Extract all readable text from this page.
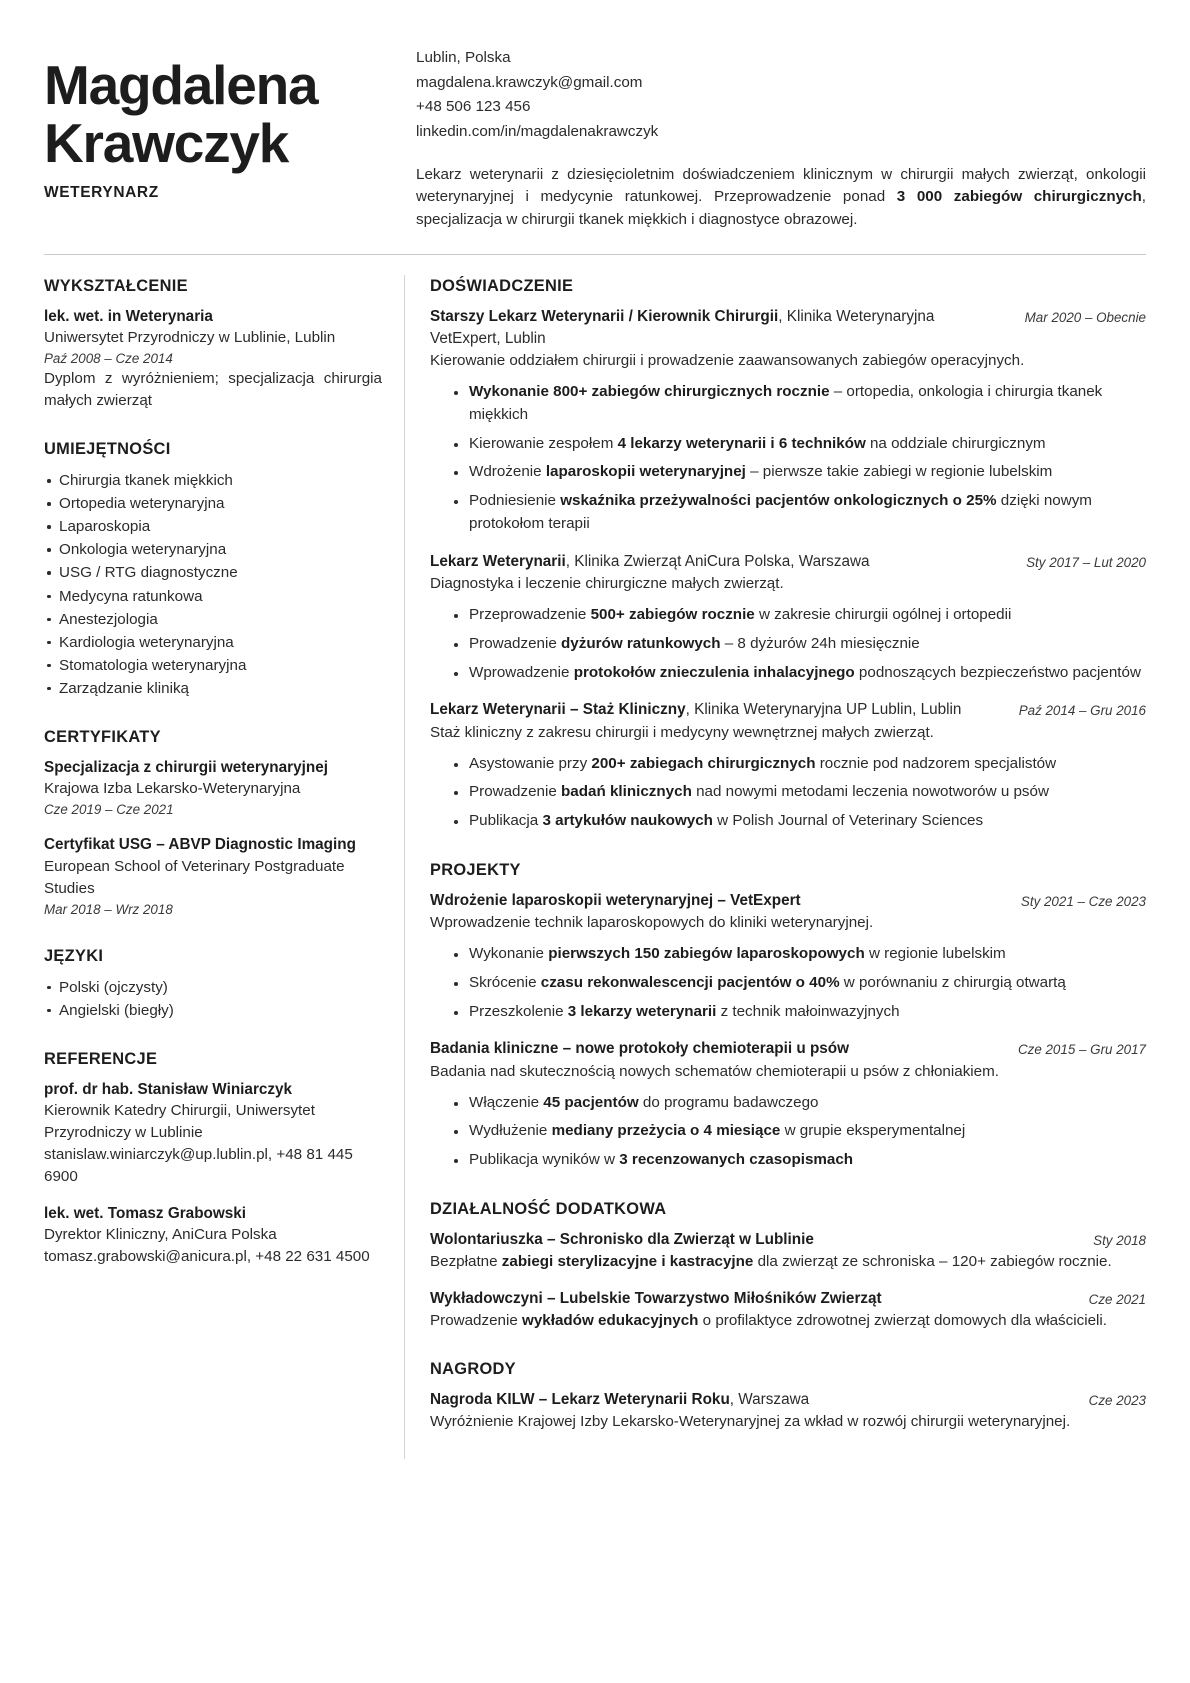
Magdalena
Krawczyk
WETERYNARZ
Lublin, Polska
magdalena.krawczyk@gmail.com
+48 506 123 456
linkedin.com/in/magdalenakrawczyk
Lekarz weterynarii z dziesięcioletnim doświadczeniem klinicznym w chirurgii małych zwierząt, onkologii weterynaryjnej i medycynie ratunkowej. Przeprowadzenie ponad 3 000 zabiegów chirurgicznych, specjalizacja w chirurgii tkanek miękkich i diagnostyce obrazowej.
WYKSZTAŁCENIE
lek. wet. in Weterynaria
Uniwersytet Przyrodniczy w Lublinie, Lublin
Paź 2008 – Cze 2014
Dyplom z wyróżnieniem; specjalizacja chirurgia małych zwierząt
UMIEJĘTNOŚCI
Chirurgia tkanek miękkich
Ortopedia weterynaryjna
Laparoskopia
Onkologia weterynaryjna
USG / RTG diagnostyczne
Medycyna ratunkowa
Anestezjologia
Kardiologia weterynaryjna
Stomatologia weterynaryjna
Zarządzanie kliniką
CERTYFIKATY
Specjalizacja z chirurgii weterynaryjnej
Krajowa Izba Lekarsko-Weterynaryjna
Cze 2019 – Cze 2021
Certyfikat USG – ABVP Diagnostic Imaging
European School of Veterinary Postgraduate Studies
Mar 2018 – Wrz 2018
JĘZYKI
Polski (ojczysty)
Angielski (biegły)
REFERENCJE
prof. dr hab. Stanisław Winiarczyk
Kierownik Katedry Chirurgii, Uniwersytet Przyrodniczy w Lublinie
stanislaw.winiarczyk@up.lublin.pl, +48 81 445 6900
lek. wet. Tomasz Grabowski
Dyrektor Kliniczny, AniCura Polska
tomasz.grabowski@anicura.pl, +48 22 631 4500
DOŚWIADCZENIE
Mar 2020 – Obecnie
Starszy Lekarz Weterynarii / Kierownik Chirurgii, Klinika Weterynaryjna VetExpert, Lublin
Kierowanie oddziałem chirurgii i prowadzenie zaawansowanych zabiegów operacyjnych.
Wykonanie 800+ zabiegów chirurgicznych rocznie – ortopedia, onkologia i chirurgia tkanek miękkich
Kierowanie zespołem 4 lekarzy weterynarii i 6 techników na oddziale chirurgicznym
Wdrożenie laparoskopii weterynaryjnej – pierwsze takie zabiegi w regionie lubelskim
Podniesienie wskaźnika przeżywalności pacjentów onkologicznych o 25% dzięki nowym protokołom terapii
Sty 2017 – Lut 2020
Lekarz Weterynarii, Klinika Zwierząt AniCura Polska, Warszawa
Diagnostyka i leczenie chirurgiczne małych zwierząt.
Przeprowadzenie 500+ zabiegów rocznie w zakresie chirurgii ogólnej i ortopedii
Prowadzenie dyżurów ratunkowych – 8 dyżurów 24h miesięcznie
Wprowadzenie protokołów znieczulenia inhalacyjnego podnoszących bezpieczeństwo pacjentów
Paź 2014 – Gru 2016
Lekarz Weterynarii – Staż Kliniczny, Klinika Weterynaryjna UP Lublin, Lublin
Staż kliniczny z zakresu chirurgii i medycyny wewnętrznej małych zwierząt.
Asystowanie przy 200+ zabiegach chirurgicznych rocznie pod nadzorem specjalistów
Prowadzenie badań klinicznych nad nowymi metodami leczenia nowotworów u psów
Publikacja 3 artykułów naukowych w Polish Journal of Veterinary Sciences
PROJEKTY
Sty 2021 – Cze 2023
Wdrożenie laparoskopii weterynaryjnej – VetExpert
Wprowadzenie technik laparoskopowych do kliniki weterynaryjnej.
Wykonanie pierwszych 150 zabiegów laparoskopowych w regionie lubelskim
Skrócenie czasu rekonwalescencji pacjentów o 40% w porównaniu z chirurgią otwartą
Przeszkolenie 3 lekarzy weterynarii z technik małoinwazyjnych
Cze 2015 – Gru 2017
Badania kliniczne – nowe protokoły chemioterapii u psów
Badania nad skutecznością nowych schematów chemioterapii u psów z chłoniakiem.
Włączenie 45 pacjentów do programu badawczego
Wydłużenie mediany przeżycia o 4 miesiące w grupie eksperymentalnej
Publikacja wyników w 3 recenzowanych czasopismach
DZIAŁALNOŚĆ DODATKOWA
Sty 2018
Wolontariuszka – Schronisko dla Zwierząt w Lublinie
Bezpłatne zabiegi sterylizacyjne i kastracyjne dla zwierząt ze schroniska – 120+ zabiegów rocznie.
Cze 2021
Wykładowczyni – Lubelskie Towarzystwo Miłośników Zwierząt
Prowadzenie wykładów edukacyjnych o profilaktyce zdrowotnej zwierząt domowych dla właścicieli.
NAGRODY
Cze 2023
Nagroda KILW – Lekarz Weterynarii Roku, Warszawa
Wyróżnienie Krajowej Izby Lekarsko-Weterynaryjnej za wkład w rozwój chirurgii weterynaryjnej.
